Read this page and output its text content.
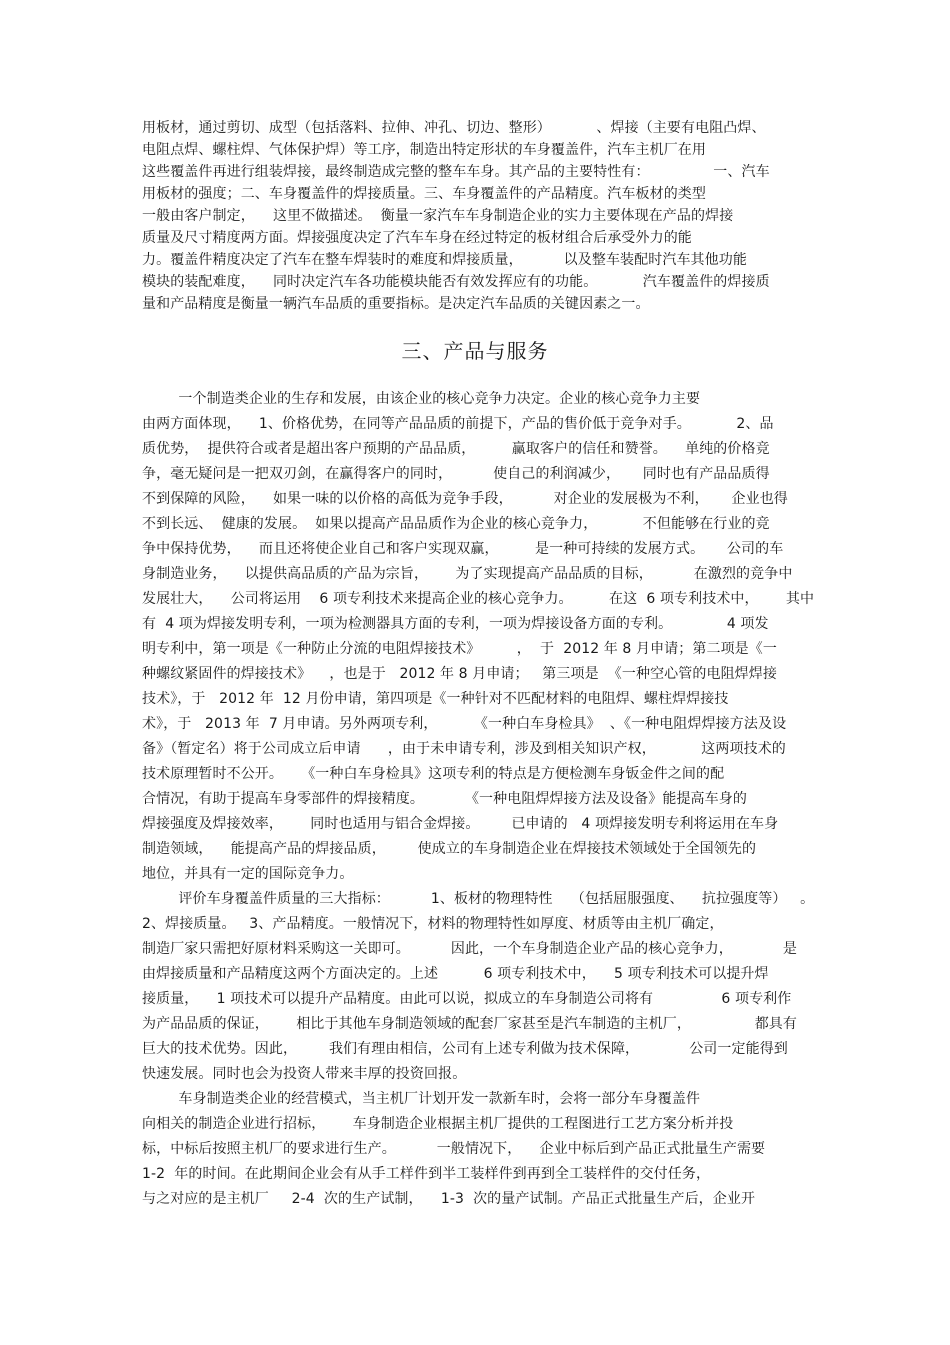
用板材，通过剪切、成型（包括落料、拉伸、冲孔、切边、整形）          、焊接（主要有电阻凸焊、
电阻点焊、螺柱焊、气体保护焊）等工序，制造出特定形状的车身覆盖件，汽车主机厂在用
这些覆盖件再进行组装焊接，最终制造成完整的整车车身。其产品的主要特性有：              一、汽车
用板材的强度；二、车身覆盖件的焊接质量。三、车身覆盖件的产品精度。汽车板材的类型
一般由客户制定，    这里不做描述。  衡量一家汽车车身制造企业的实力主要体现在产品的焊接
质量及尺寸精度两方面。焊接强度决定了汽车车身在经过特定的板材组合后承受外力的能
力。覆盖件精度决定了汽车在整车焊装时的难度和焊接质量，         以及整车装配时汽车其他功能
模块的装配难度，    同时决定汽车各功能模块能否有效发挥应有的功能。          汽车覆盖件的焊接质
量和产品精度是衡量一辆汽车品质的重要指标。是决定汽车品质的关键因素之一。
三、产品与服务
一个制造类企业的生存和发展，由该企业的核心竞争力决定。企业的核心竞争力主要
由两方面体现，    1、价格优势，在同等产品品质的前提下，产品的售价低于竞争对手。          2、品
质优势，  提供符合或者是超出客户预期的产品品质，        赢取客户的信任和赞誉。    单纯的价格竞
争，毫无疑问是一把双刃剑，在赢得客户的同时，         使自己的利润减少，     同时也有产品品质得
不到保障的风险，    如果一味的以价格的高低为竞争手段，         对企业的发展极为不利，     企业也得
不到长远、  健康的发展。  如果以提高产品品质作为企业的核心竞争力，          不但能够在行业的竞
争中保持优势，    而且还将使企业自己和客户实现双赢，        是一种可持续的发展方式。     公司的车
身制造业务，    以提供高品质的产品为宗旨，      为了实现提高产品品质的目标，         在激烈的竞争中
发展壮大，    公司将运用    6 项专利技术来提高企业的核心竞争力。        在这  6 项专利技术中，      其中
有  4 项为焊接发明专利，一项为检测器具方面的专利，一项为焊接设备方面的专利。            4 项发
明专利中，第一项是《一种防止分流的电阻焊接技术》        ，  于  2012 年 8 月申请；第二项是《一
种螺纹紧固件的焊接技术》    ，也是于   2012 年 8 月申请；   第三项是  《一种空心管的电阻焊焊接
技术》，于   2012 年  12 月份申请，第四项是《一种针对不匹配材料的电阻焊、螺柱焊焊接技
术》，于   2013 年  7 月申请。另外两项专利，        《一种白车身检具》  、《一种电阻焊焊接方法及设
备》（暂定名）将于公司成立后申请      ，由于未申请专利，涉及到相关知识产权，          这两项技术的
技术原理暂时不公开。    《一种白车身检具》这项专利的特点是方便检测车身钣金件之间的配
合情况，有助于提高车身零部件的焊接精度。         《一种电阻焊焊接方法及设备》能提高车身的
焊接强度及焊接效率，      同时也适用与铝合金焊接。       已申请的   4 项焊接发明专利将运用在车身
制造领域，    能提高产品的焊接品质，       使成立的车身制造企业在焊接技术领域处于全国领先的
地位，并具有一定的国际竞争力。
评价车身覆盖件质量的三大指标：         1、板材的物理特性    （包括屈服强度、    抗拉强度等）   。
2、焊接质量。   3、产品精度。一般情况下，材料的物理特性如厚度、材质等由主机厂确定，
制造厂家只需把好原材料采购这一关即可。         因此，一个车身制造企业产品的核心竞争力，           是
由焊接质量和产品精度这两个方面决定的。上述          6 项专利技术中，    5 项专利技术可以提升焊
接质量，    1 项技术可以提升产品精度。由此可以说，拟成立的车身制造公司将有               6 项专利作
为产品品质的保证，      相比于其他车身制造领域的配套厂家甚至是汽车制造的主机厂，              都具有
巨大的技术优势。因此，       我们有理由相信，公司有上述专利做为技术保障，           公司一定能得到
快速发展。同时也会为投资人带来丰厚的投资回报。
车身制造类企业的经营模式，当主机厂计划开发一款新车时，会将一部分车身覆盖件
向相关的制造企业进行招标，      车身制造企业根据主机厂提供的工程图进行工艺方案分析并投
标，中标后按照主机厂的要求进行生产。         一般情况下，    企业中标后到产品正式批量生产需要
1-2  年的时间。在此期间企业会有从手工样件到半工装样件到再到全工装样件的交付任务，
与之对应的是主机厂     2-4  次的生产试制，    1-3  次的量产试制。产品正式批量生产后，企业开
